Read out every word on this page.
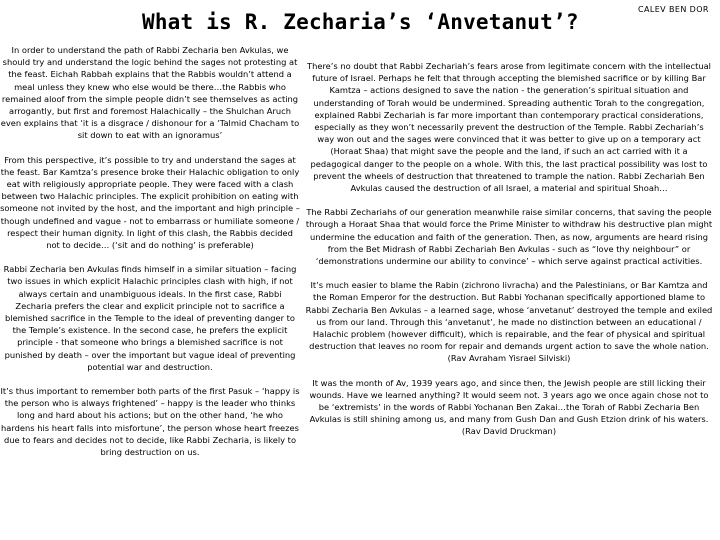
What is R. Zecharia’s ‘Anvetanut’?
CALEV BEN DOR

In order to understand the path of Rabbi Zecharia ben Avkulas, we should try and understand the logic behind the sages not protesting at the feast. Eichah Rabbah explains that the Rabbis wouldn’t attend a meal unless they knew who else would be there…the Rabbis who remained aloof from the simple people didn’t see themselves as acting arrogantly, but first and foremost Halachically – the Shulchan Aruch even explains that ‘it is a disgrace / dishonour for a ‘Talmid Chacham to sit down to eat with an ignoramus’

From this perspective, it’s possible to try and understand the sages at the feast. Bar Kamtza’s presence broke their Halachic obligation to only eat with religiously appropriate people. They were faced with a clash between two Halachic principles. The explicit prohibition on eating with someone not invited by the host, and the important and high principle – though undefined and vague - not to embarrass or humiliate someone / respect their human dignity. In light of this clash, the Rabbis decided not to decide… (‘sit and do nothing’ is preferable)

Rabbi Zecharia ben Avkulas finds himself in a similar situation – facing two issues in which explicit Halachic principles clash with high, if not always certain and unambiguous ideals. In the first case, Rabbi Zecharia prefers the clear and explicit principle not to sacrifice a blemished sacrifice in the Temple to the ideal of preventing danger to the Temple’s existence. In the second case, he prefers the explicit principle - that someone who brings a blemished sacrifice is not punished by death – over the important but vague ideal of preventing potential war and destruction.

It’s thus important to remember both parts of the first Pasuk – ‘happy is the person who is always frightened’ – happy is the leader who thinks long and hard about his actions; but on the other hand, ‘he who hardens his heart falls into misfortune’, the person whose heart freezes due to fears and decides not to decide, like Rabbi Zecharia, is likely to bring destruction on us.

There’s no doubt that Rabbi Zechariah’s fears arose from legitimate concern with the intellectual future of Israel. Perhaps he felt that through accepting the blemished sacrifice or by killing Bar Kamtza – actions designed to save the nation - the generation’s spiritual situation and understanding of Torah would be undermined. Spreading authentic Torah to the congregation, explained Rabbi Zechariah is far more important than contemporary practical considerations, especially as they won’t necessarily prevent the destruction of the Temple. Rabbi Zechariah’s way won out and the sages were convinced that it was better to give up on a temporary act (Horaat Shaa) that might save the people and the land, if such an act carried with it a pedagogical danger to the people on a whole. With this, the last practical possibility was lost to prevent the wheels of destruction that threatened to trample the nation. Rabbi Zechariah Ben Avkulas caused the destruction of all Israel, a material and spiritual Shoah…

The Rabbi Zechariahs of our generation meanwhile raise similar concerns, that saving the people through a Horaat Shaa that would force the Prime Minister to withdraw his destructive plan might undermine the education and faith of the generation. Then, as now, arguments are heard rising from the Bet Midrash of Rabbi Zechariah Ben Avkulas - such as “love thy neighbour” or ‘demonstrations undermine our ability to convince’ – which serve against practical activities.

It’s much easier to blame the Rabin (zichrono livracha) and the Palestinians, or Bar Kamtza and the Roman Emperor for the destruction. But Rabbi Yochanan specifically apportioned blame to Rabbi Zecharia Ben Avkulas – a learned sage, whose ‘anvetanut’ destroyed the temple and exiled us from our land. Through this ‘anvetanut’, he made no distinction between an educational / Halachic problem (however difficult), which is repairable, and the fear of physical and spiritual destruction that leaves no room for repair and demands urgent action to save the whole nation. (Rav Avraham Yisrael Silviski)

It was the month of Av, 1939 years ago, and since then, the Jewish people are still licking their wounds. Have we learned anything? It would seem not. 3 years ago we once again chose not to be ‘extremists’ in the words of Rabbi Yochanan Ben Zakai…the Torah of Rabbi Zecharia Ben Avkulas is still shining among us, and many from Gush Dan and Gush Etzion drink of his waters. (Rav David Druckman)
